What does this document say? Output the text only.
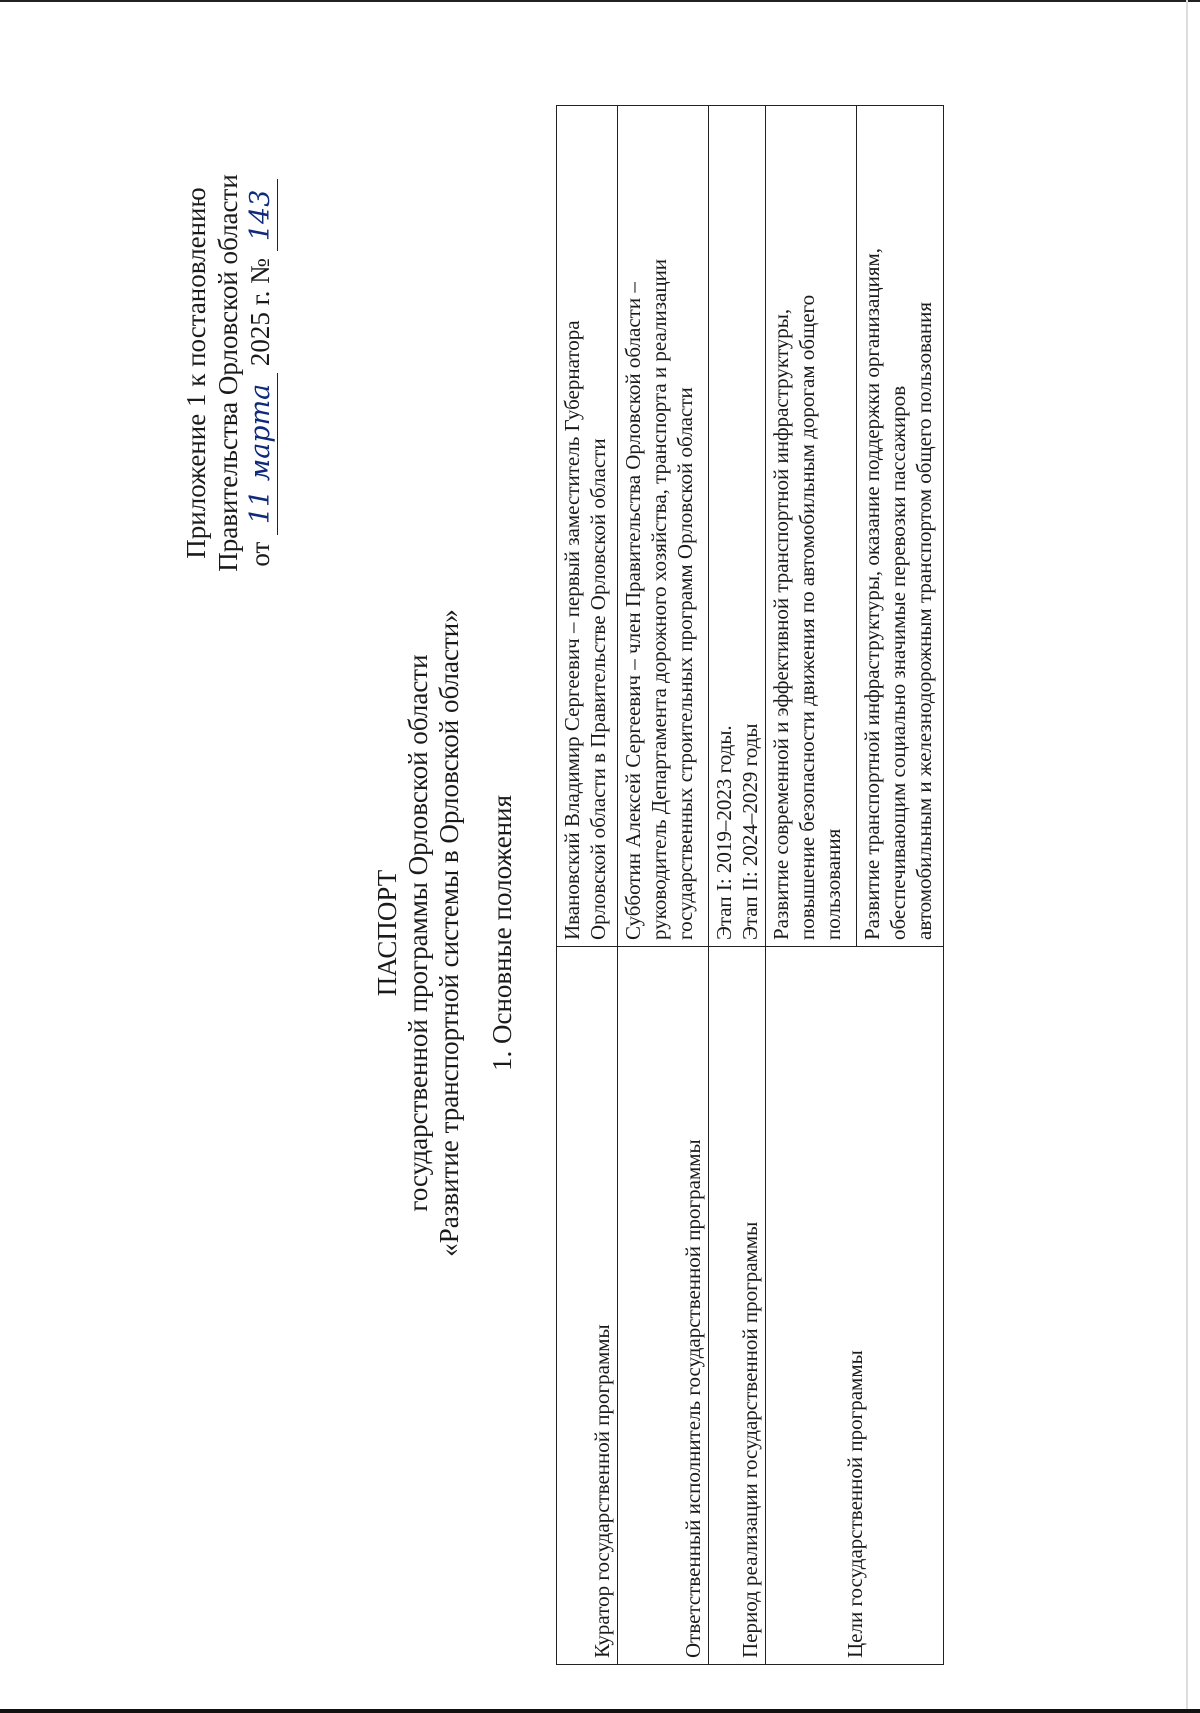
Приложение 1 к постановлению Правительства Орловской области от 11 марта 2025 г. № 143
ПАСПОРТ государственной программы Орловской области «Развитие транспортной системы в Орловской области» 1. Основные положения
Куратор государственной программы	Ивановский Владимир Сергеевич – первый заместитель Губернатора Орловской области в Правительстве Орловской области

Ответственный исполнитель государственной программы	Субботин Алексей Сергеевич – член Правительства Орловской области – руководитель Департамента дорожного хозяйства, транспорта и реализации государственных строительных программ Орловской области

Период реализации государственной программы	Этап I: 2019–2023 годы. Этап II: 2024–2029 годы

Цели государственной программы	Развитие современной и эффективной транспортной инфраструктуры, повышение безопасности движения по автомобильным дорогам общего пользования

	Развитие транспортной инфраструктуры, оказание поддержки организациям, обеспечивающим социально значимые перевозки пассажиров автомобильным и железнодорожным транспортом общего пользования
